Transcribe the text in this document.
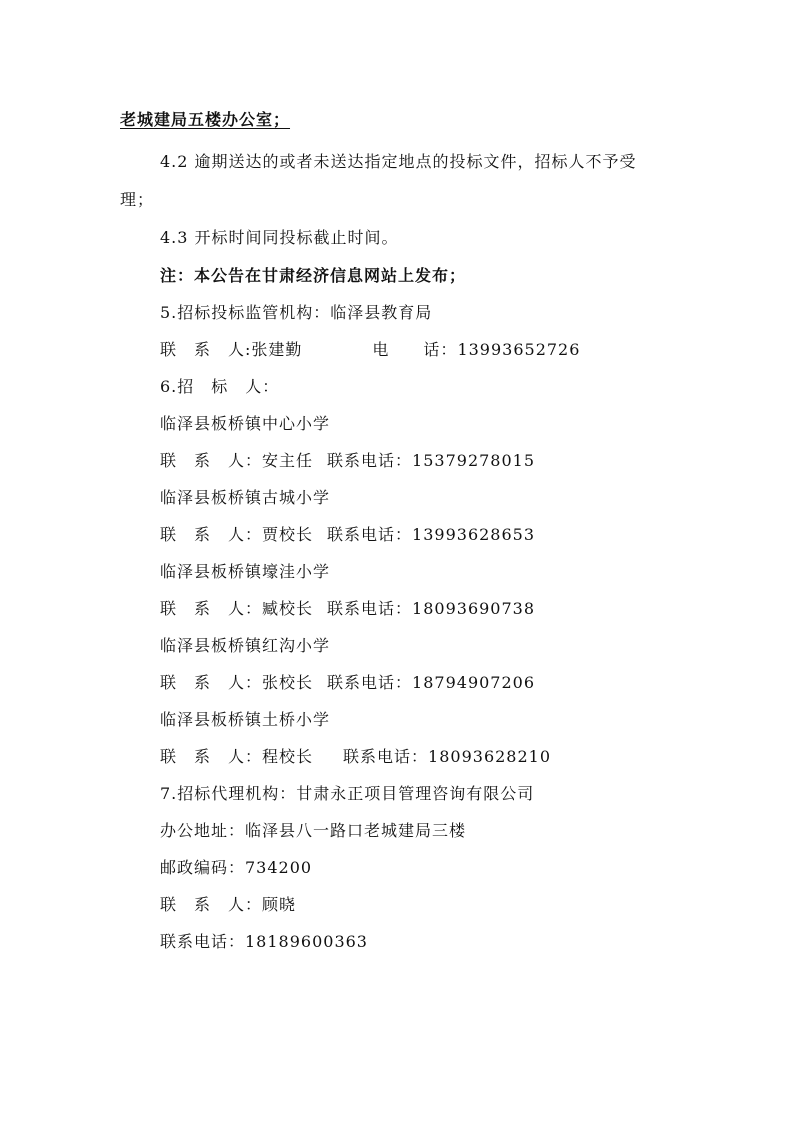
老城建局五楼办公室；
4.2 逾期送达的或者未送达指定地点的投标文件，招标人不予受
理；
4.3 开标时间同投标截止时间。
注：本公告在甘肃经济信息网站上发布；
5.招标投标监管机构：临泽县教育局
联　系　人:张建勤	电　　话：13993652726
6.招　标　人：
临泽县板桥镇中心小学
联　系　人：安主任 联系电话：15379278015
临泽县板桥镇古城小学
联　系　人：贾校长 联系电话：13993628653
临泽县板桥镇壕洼小学
联　系　人：臧校长 联系电话：18093690738
临泽县板桥镇红沟小学
联　系　人：张校长 联系电话：18794907206
临泽县板桥镇土桥小学
联　系　人：程校长 联系电话：18093628210
7.招标代理机构：甘肃永正项目管理咨询有限公司
办公地址：临泽县八一路口老城建局三楼
邮政编码：734200
联　系　人：顾晓
联系电话：18189600363
